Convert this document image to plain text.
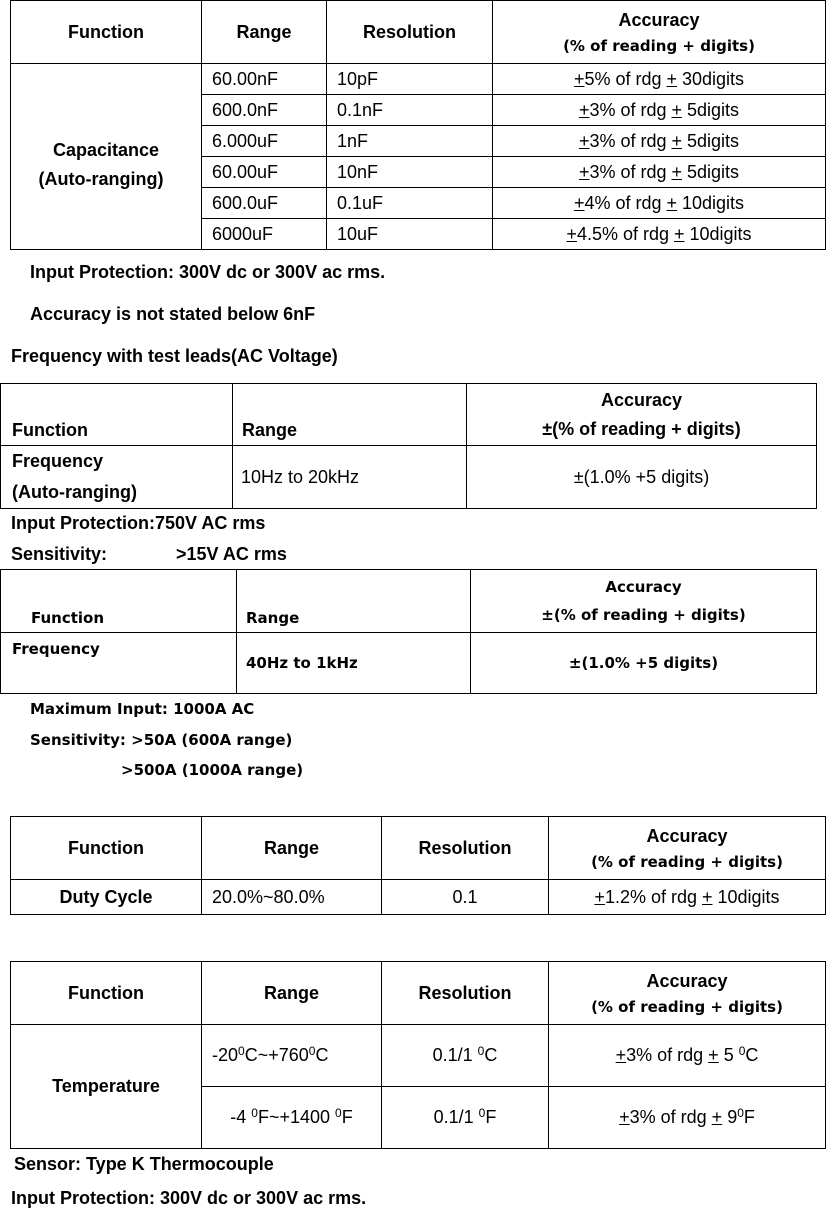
Function	Range	Resolution	Accuracy
(% of reading + digits)

Capacitance
(Auto-ranging)	60.00nF	10pF	+5% of rdg + 30digits
	600.0nF	0.1nF	+3% of rdg + 5digits
	6.000uF	1nF	+3% of rdg + 5digits
	60.00uF	10nF	+3% of rdg + 5digits
	600.0uF	0.1uF	+4% of rdg + 10digits
	6000uF	10uF	+4.5% of rdg + 10digits
Input Protection: 300V dc or 300V ac rms.
Accuracy is not stated below 6nF
Frequency with test leads(AC Voltage)
Function	Range	Accuracy
±(% of reading + digits)

Frequency
(Auto-ranging)	10Hz to 20kHz	±(1.0% +5 digits)
Input Protection:750V AC rms
Sensitivity:	>15V AC rms
Function	Range	Accuracy
±(% of reading + digits)

Frequency	40Hz to 1kHz	±(1.0% +5 digits)
Maximum Input: 1000A AC
Sensitivity: >50A (600A range)
>500A (1000A range)
Function	Range	Resolution	Accuracy
(% of reading + digits)

Duty Cycle	20.0%~80.0%	0.1	+1.2% of rdg + 10digits
Function	Range	Resolution	Accuracy
(% of reading + digits)

Temperature	$-20^0C\sim+760^0C$	0.1/1 $^0$C	+3% of rdg + 5 $^0$C
	-4 $^0$F~+1400 $^0$F	0.1/1 $^0$F	+3% of rdg + $9^0F$
Sensor: Type K Thermocouple
Input Protection: 300V dc or 300V ac rms.
